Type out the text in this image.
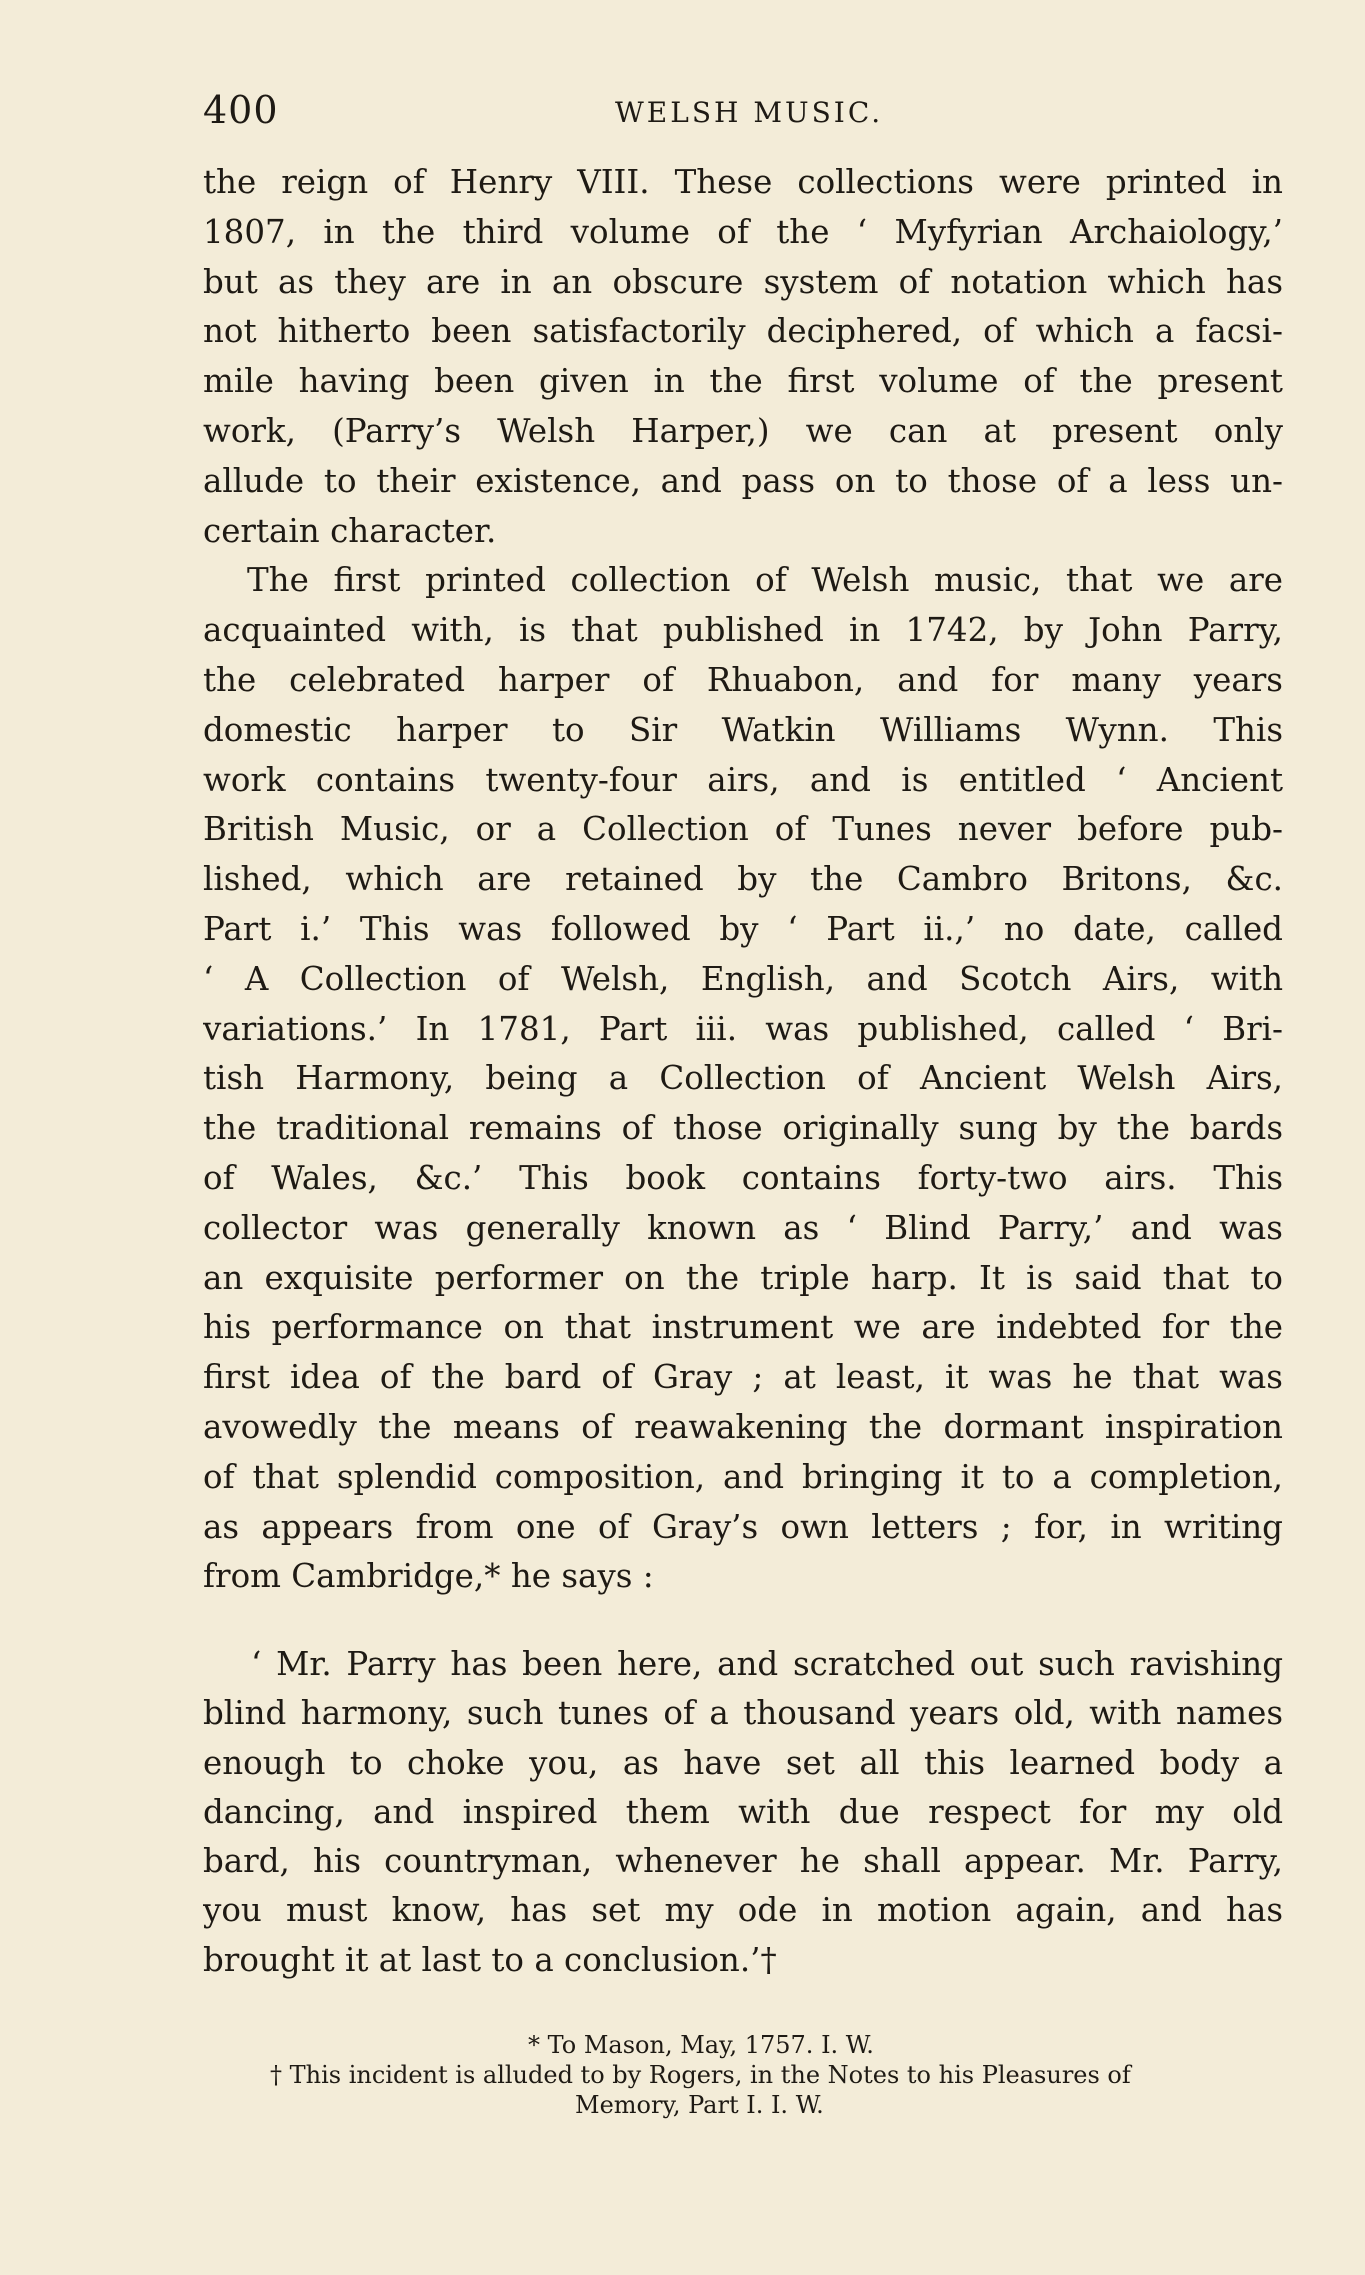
400	WELSH MUSIC.
the reign of Henry VIII. These collections were printed in
1807, in the third volume of the ‘ Myfyrian Archaiology,’
but as they are in an obscure system of notation which has
not hitherto been satisfactorily deciphered, of which a facsi-
mile having been given in the first volume of the present
work, (Parry’s Welsh Harper,) we can at present only
allude to their existence, and pass on to those of a less un-
certain character.
The first printed collection of Welsh music, that we are
acquainted with, is that published in 1742, by John Parry,
the celebrated harper of Rhuabon, and for many years
domestic harper to Sir Watkin Williams Wynn. This
work contains twenty-four airs, and is entitled ‘ Ancient
British Music, or a Collection of Tunes never before pub-
lished, which are retained by the Cambro Britons, &c.
Part i.’ This was followed by ‘ Part ii.,’ no date, called
‘ A Collection of Welsh, English, and Scotch Airs, with
variations.’ In 1781, Part iii. was published, called ‘ Bri-
tish Harmony, being a Collection of Ancient Welsh Airs,
the traditional remains of those originally sung by the bards
of Wales, &c.’ This book contains forty-two airs. This
collector was generally known as ‘ Blind Parry,’ and was
an exquisite performer on the triple harp. It is said that to
his performance on that instrument we are indebted for the
first idea of the bard of Gray ; at least, it was he that was
avowedly the means of reawakening the dormant inspiration
of that splendid composition, and bringing it to a completion,
as appears from one of Gray’s own letters ; for, in writing
from Cambridge,* he says :
‘ Mr. Parry has been here, and scratched out such ravishing
blind harmony, such tunes of a thousand years old, with names
enough to choke you, as have set all this learned body a
dancing, and inspired them with due respect for my old
bard, his countryman, whenever he shall appear. Mr. Parry,
you must know, has set my ode in motion again, and has
brought it at last to a conclusion.’†
* To Mason, May, 1757. I. W.
† This incident is alluded to by Rogers, in the Notes to his Pleasures of
Memory, Part I. I. W.
